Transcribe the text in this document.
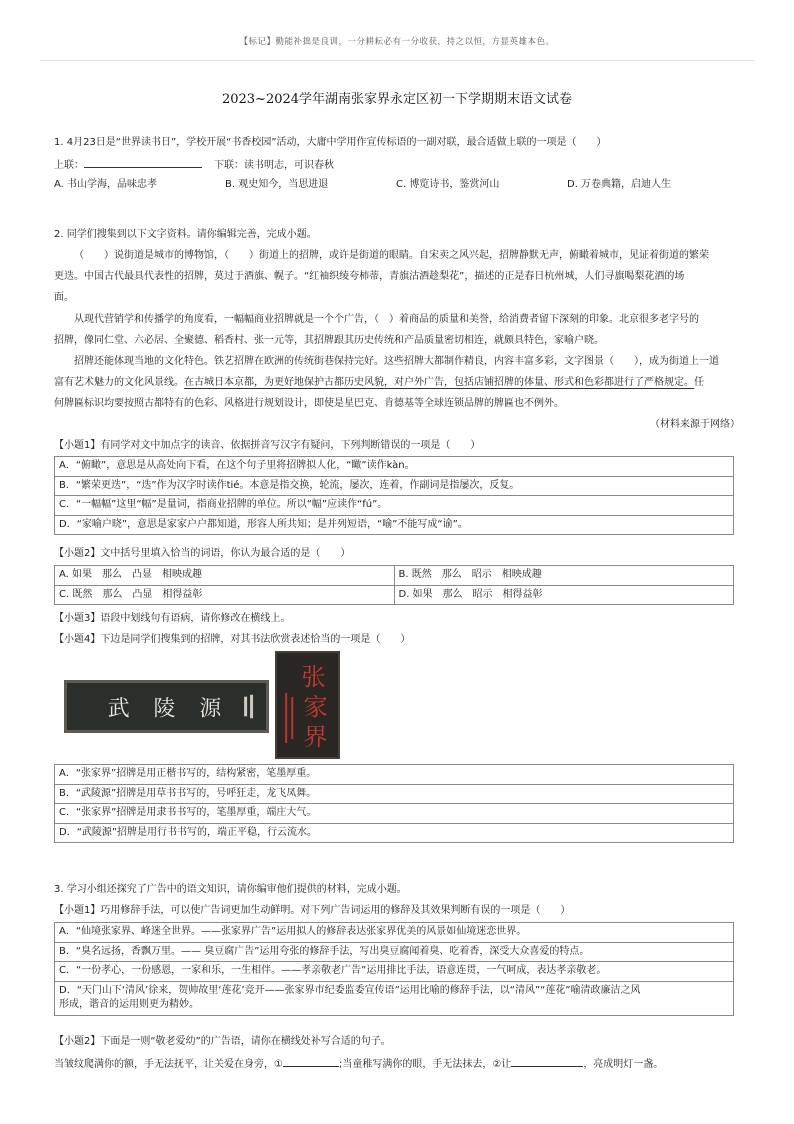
【标记】勤能补拙是良训，一分耕耘必有一分收获，持之以恒，方显英雄本色。
2023~2024学年湖南张家界永定区初一下学期期末语文试卷
1. 4月23日是“世界读书日”，学校开展“书香校园”活动，大庸中学用作宣传标语的一副对联，最合适做上联的一项是（　　）
上联：	下联：读书明志，可识春秋
A. 书山学海，品味忠孝	B. 观史知今，当思进退	C. 博览诗书，鉴赏河山	D. 万卷典籍，启迪人生
2. 同学们搜集到以下文字资料。请你编辑完善，完成小题。
（　　）说街道是城市的博物馆，（　　）街道上的招牌，或许是街道的眼睛。自宋卖之风兴起，招牌静默无声，俯瞰着城市，见证着街道的繁荣
更迭。中国古代最具代表性的招牌，莫过于酒旗、幌子。“红袖织绫夸柿蒂，青旗沽酒趁梨花”，描述的正是春日杭州城，人们寻旗喝梨花酒的场
面。
从现代营销学和传播学的角度看，一幅幅商业招牌就是一个个广告，（　）着商品的质量和美誉，给消费者留下深刻的印象。北京很多老字号的
招牌，像同仁堂、六必居、全聚德、稻香村、张一元等，其招牌跟其历史传统和产品质量密切相连，就颇具特色，家喻户晓。
招牌还能体现当地的文化特色。铁艺招牌在欧洲的传统街巷保持完好。这些招牌大都制作精良，内容丰富多彩，文字图景（　　），成为街道上一道
富有艺术魅力的文化风景线。在古城日本京都，为更好地保护古都历史风貌，对户外广告，包括店铺招牌的体量、形式和色彩都进行了严格规定。任
何牌匾标识均要按照古都特有的色彩、风格进行规划设计，即使是星巴克、肯德基等全球连锁品牌的牌匾也不例外。
（材料来源于网络）
【小题1】有同学对文中加点字的读音、依据拼音写汉字有疑问，下列判断错误的一项是（　　）
A．“俯瞰”，意思是从高处向下看，在这个句子里将招牌拟人化，“瞰”读作kàn。
B．“繁荣更迭”，“迭”作为汉字时读作tié。本意是指交换，轮流，屡次，连着，作副词是指屡次，反复。
C．“一幅幅”这里“幅”是量词，指商业招牌的单位。所以“幅”应读作“fú”。
D．“家喻户晓”，意思是家家户户都知道，形容人所共知；是并列短语，“喻”不能写成“谕”。
【小题2】文中括号里填入恰当的词语，你认为最合适的是（　　）
A. 如果　那么　凸显　相映成趣	B. 既然　那么　昭示　相映成趣
C. 既然　那么　凸显　相得益彰	D. 如果　那么　昭示　相得益彰
【小题3】语段中划线句有语病，请你修改在横线上。
【小题4】下边是同学们搜集到的招牌，对其书法欣赏表述恰当的一项是（　　）
武 陵 源
张
家
界
A．“张家界”招牌是用正楷书写的，结构紧密，笔墨厚重。
B．“武陵源”招牌是用草书书写的，号呼狂走，龙飞凤舞。
C．“张家界”招牌是用隶书书写的，笔墨厚重，端庄大气。
D．“武陵源”招牌是用行书书写的，端正平稳，行云流水。
3. 学习小组还探究了广告中的语文知识，请你编审他们提供的材料，完成小题。
【小题1】巧用修辞手法，可以使广告词更加生动鲜明。对下列广告词运用的修辞及其效果判断有误的一项是（　　）
A．“仙境张家界、峰迷全世界。——张家界广告”运用拟人的修辞表达张家界优美的风景如仙境迷恋世界。
B．“臭名远扬，香飘万里。—— 臭豆腐广告”运用夸张的修辞手法，写出臭豆腐闻着臭、吃着香，深受大众喜爱的特点。
C．“一份孝心，一份感恩，一家和乐，一生相伴。——孝亲敬老广告”运用排比手法，语意连贯，一气呵成，表达孝亲敬老。
D．“天门山下‘清风’徐来，贺帅故里‘莲花’竞开——张家界市纪委监委宣传语”运用比喻的修辞手法，以“清风”“莲花”喻清政廉洁之风
形成，谐音的运用则更为精妙。
【小题2】下面是一则“敬老爱幼”的广告语，请你在横线处补写合适的句子。
当皱纹爬满你的额，手无法抚平，让关爱在身旁，①	;当童稚写满你的眼，手无法抹去，②让	，亮成明灯一盏。
